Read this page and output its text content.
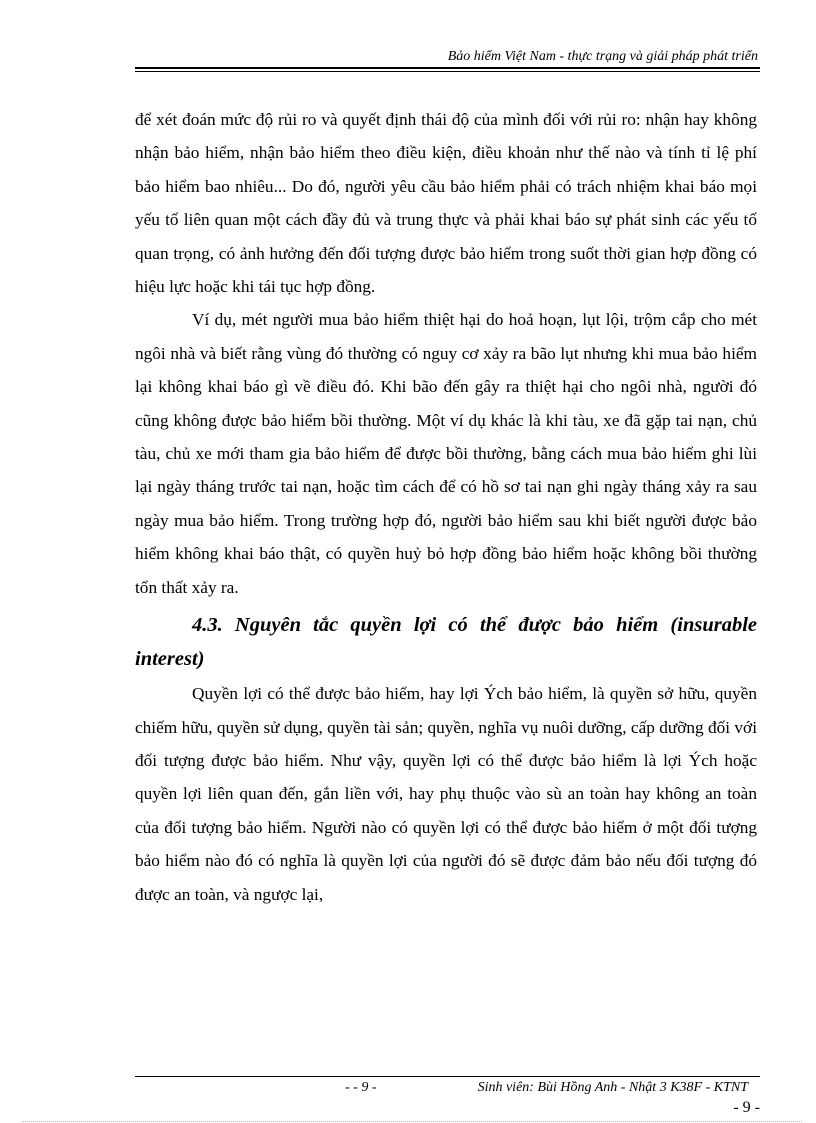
Bảo hiểm Việt Nam - thực trạng và giải pháp phát triển

để xét đoán mức độ rủi ro và quyết định thái độ của mình đối với rủi ro: nhận hay không nhận bảo hiểm, nhận bảo hiểm theo điều kiện, điều khoản như thế nào và tính tỉ lệ phí bảo hiểm bao nhiêu... Do đó, người yêu cầu bảo hiểm phải có trách nhiệm khai báo mọi yếu tố liên quan một cách đầy đủ và trung thực và phải khai báo sự phát sinh các yếu tố quan trọng, có ảnh hưởng đến đối tượng được bảo hiểm trong suốt thời gian hợp đồng có hiệu lực hoặc khi tái tục hợp đồng.

Ví dụ, mét người mua bảo hiểm thiệt hại do hoả hoạn, lụt lội, trộm cắp cho mét ngôi nhà và biết rằng vùng đó thường có nguy cơ xảy ra bão lụt nhưng khi mua bảo hiểm lại không khai báo gì về điều đó. Khi bão đến gây ra thiệt hại cho ngôi nhà, người đó cũng không được bảo hiểm bồi thường. Một ví dụ khác là khi tàu, xe đã gặp tai nạn, chủ tàu, chủ xe mới tham gia bảo hiểm để được bồi thường, bằng cách mua bảo hiểm ghi lùi lại ngày tháng trước tai nạn, hoặc tìm cách để có hồ sơ tai nạn ghi ngày tháng xảy ra sau ngày mua bảo hiểm. Trong trường hợp đó, người bảo hiểm sau khi biết người được bảo hiểm không khai báo thật, có quyền huỷ bỏ hợp đồng bảo hiểm hoặc không bồi thường tổn thất xảy ra.

4.3. Nguyên tắc quyền lợi có thể được bảo hiểm (insurable interest)

Quyền lợi có thể được bảo hiểm, hay lợi Ých bảo hiểm, là quyền sở hữu, quyền chiếm hữu, quyền sử dụng, quyền tài sản; quyền, nghĩa vụ nuôi dưỡng, cấp dưỡng đối với đối tượng được bảo hiểm. Như vậy, quyền lợi có thể được bảo hiểm là lợi Ých hoặc quyền lợi liên quan đến, gắn liền với, hay phụ thuộc vào sù an toàn hay không an toàn của đối tượng bảo hiểm. Người nào có quyền lợi có thể được bảo hiểm ở một đối tượng bảo hiểm nào đó có nghĩa là quyền lợi của người đó sẽ được đảm bảo nếu đối tượng đó được an toàn, và ngược lại,

- - 9 -	Sinh viên: Bùi Hồng Anh - Nhật 3 K38F - KTNT
- 9 -
